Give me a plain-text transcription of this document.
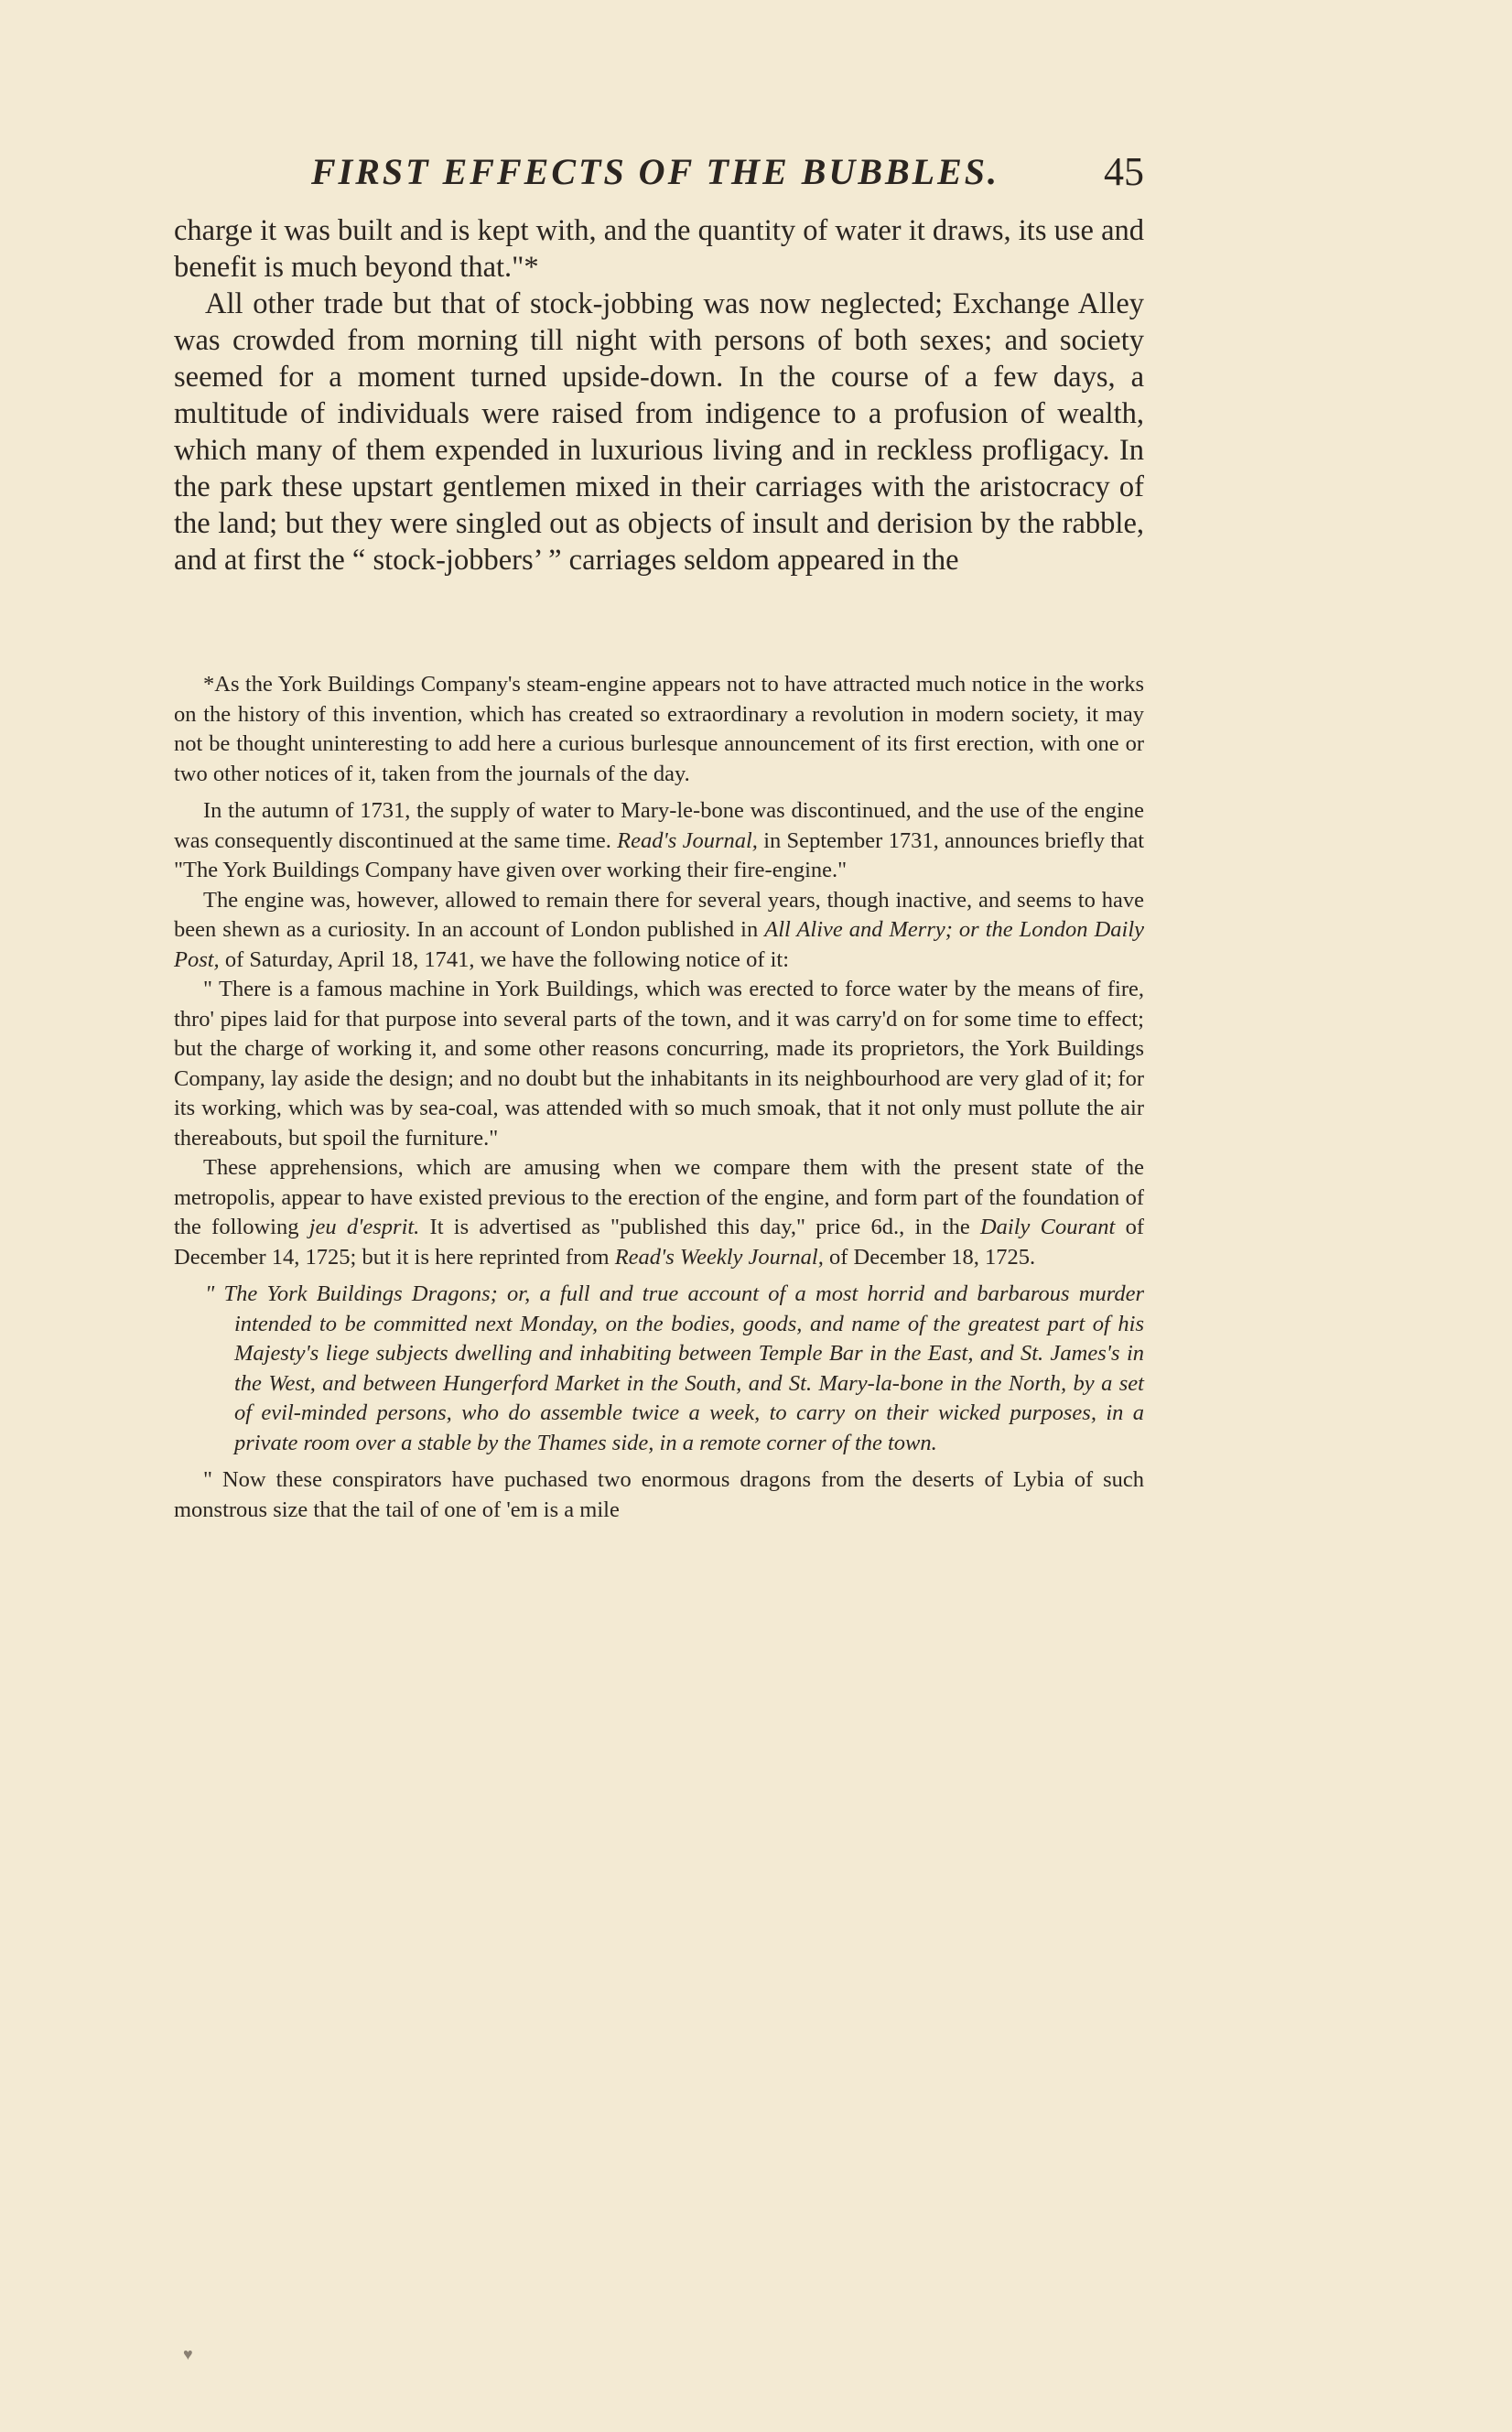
FIRST EFFECTS OF THE BUBBLES.	45

charge it was built and is kept with, and the quantity of water it draws, its use and benefit is much beyond that."*

All other trade but that of stock-jobbing was now neglected; Exchange Alley was crowded from morning till night with persons of both sexes; and society seemed for a moment turned upside-down. In the course of a few days, a multitude of individuals were raised from indigence to a profusion of wealth, which many of them expended in luxurious living and in reckless profligacy. In the park these upstart gentlemen mixed in their carriages with the aristocracy of the land; but they were singled out as objects of insult and derision by the rabble, and at first the “ stock-jobbers’ ” carriages seldom appeared in the

*As the York Buildings Company's steam-engine appears not to have attracted much notice in the works on the history of this invention, which has created so extraordinary a revolution in modern society, it may not be thought uninteresting to add here a curious burlesque announcement of its first erection, with one or two other notices of it, taken from the journals of the day.

In the autumn of 1731, the supply of water to Mary-le-bone was discontinued, and the use of the engine was consequently discontinued at the same time. Read's Journal, in September 1731, announces briefly that "The York Buildings Company have given over working their fire-engine."

The engine was, however, allowed to remain there for several years, though inactive, and seems to have been shewn as a curiosity. In an account of London published in All Alive and Merry; or the London Daily Post, of Saturday, April 18, 1741, we have the following notice of it:

" There is a famous machine in York Buildings, which was erected to force water by the means of fire, thro' pipes laid for that purpose into several parts of the town, and it was carry'd on for some time to effect; but the charge of working it, and some other reasons concurring, made its proprietors, the York Buildings Company, lay aside the design; and no doubt but the inhabitants in its neighbourhood are very glad of it; for its working, which was by sea-coal, was attended with so much smoak, that it not only must pollute the air thereabouts, but spoil the furniture."

These apprehensions, which are amusing when we compare them with the present state of the metropolis, appear to have existed previous to the erection of the engine, and form part of the foundation of the following jeu d'esprit. It is advertised as "published this day," price 6d., in the Daily Courant of December 14, 1725; but it is here reprinted from Read's Weekly Journal, of December 18, 1725.

" The York Buildings Dragons; or, a full and true account of a most horrid and barbarous murder intended to be committed next Monday, on the bodies, goods, and name of the greatest part of his Majesty's liege subjects dwelling and inhabiting between Temple Bar in the East, and St. James's in the West, and between Hungerford Market in the South, and St. Mary-la-bone in the North, by a set of evil-minded persons, who do assemble twice a week, to carry on their wicked purposes, in a private room over a stable by the Thames side, in a remote corner of the town.

" Now these conspirators have puchased two enormous dragons from the deserts of Lybia of such monstrous size that the tail of one of 'em is a mile

♥
